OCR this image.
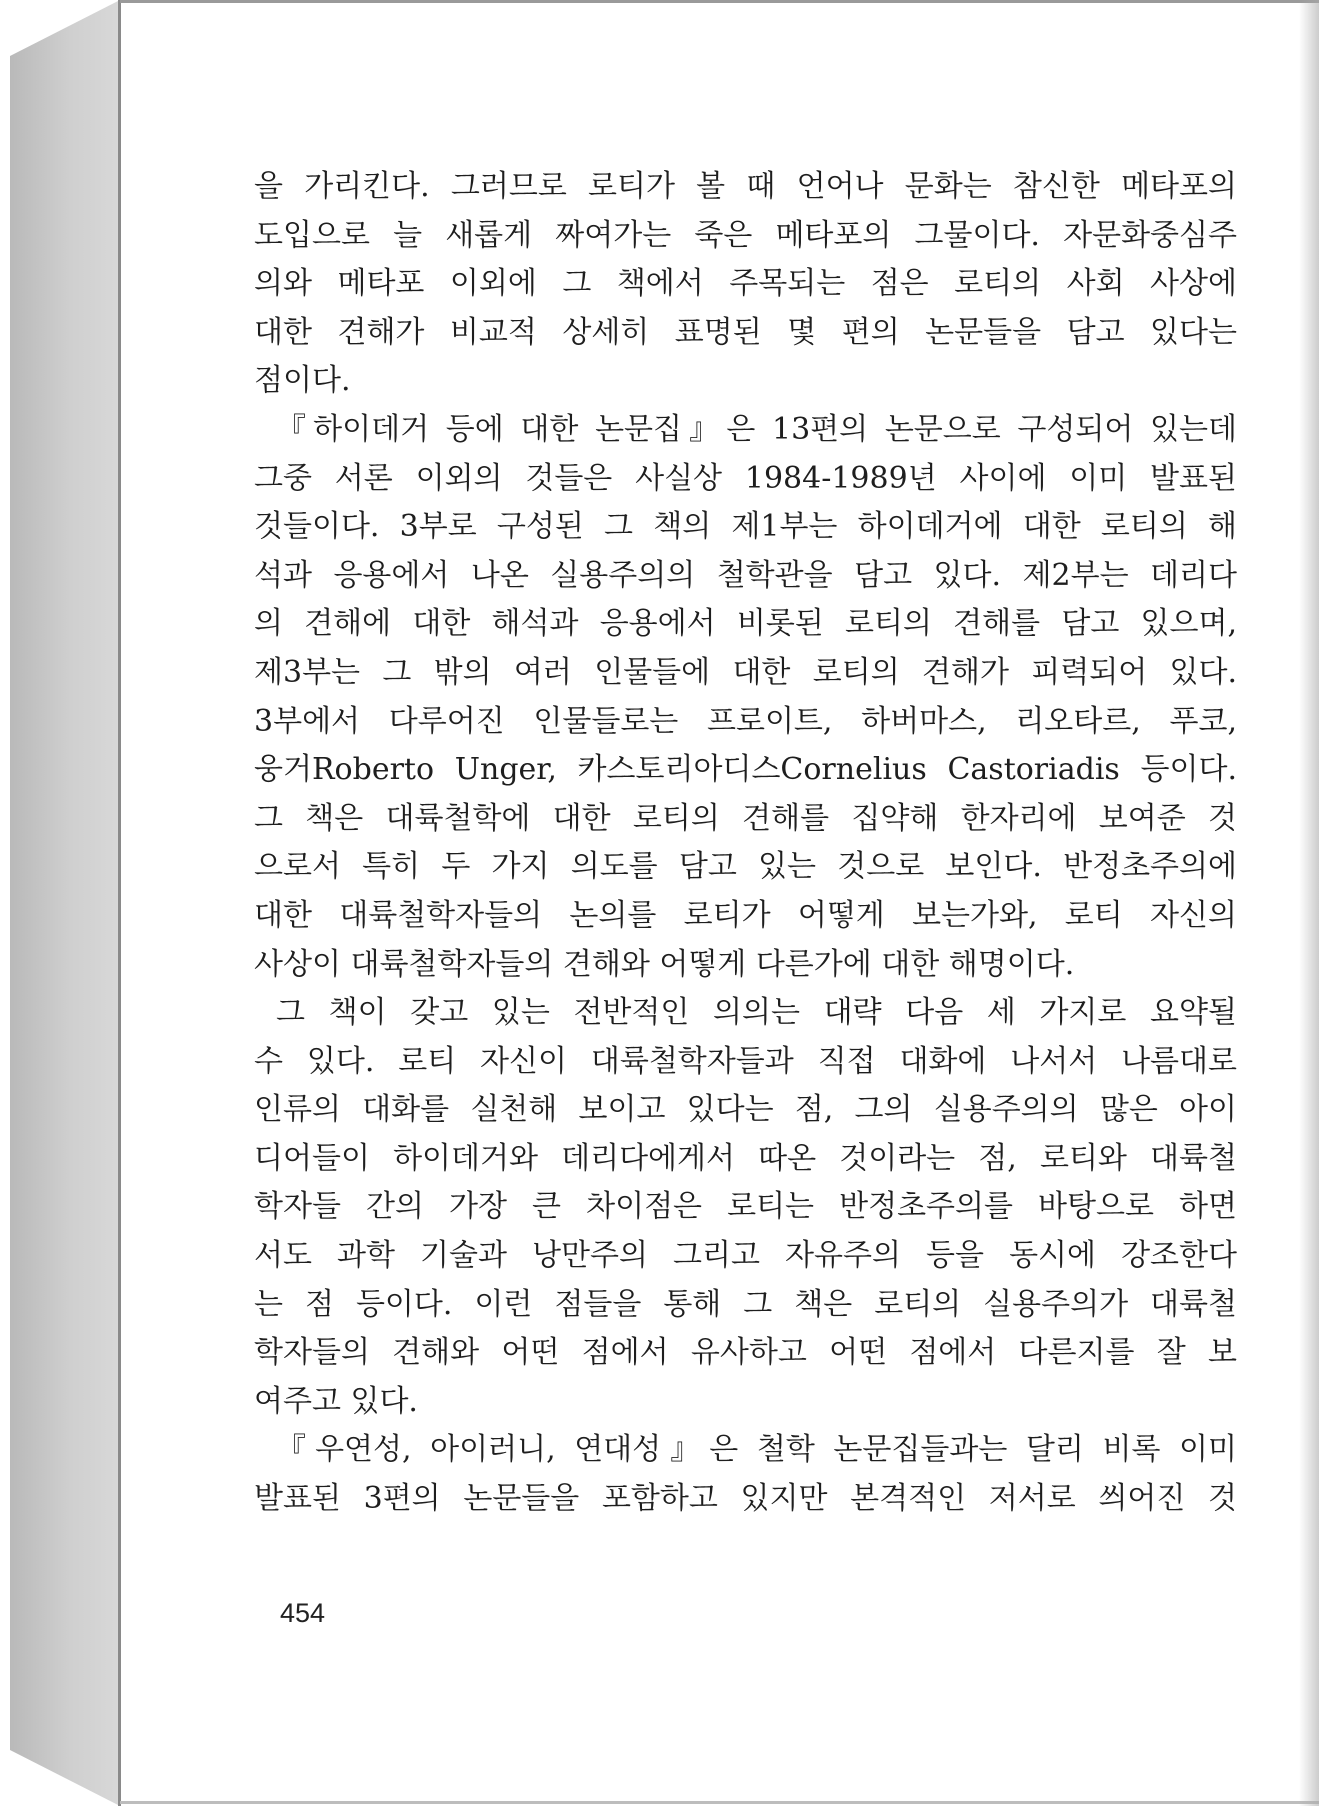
을 가리킨다. 그러므로 로티가 볼 때 언어나 문화는 참신한 메타포의
도입으로 늘 새롭게 짜여가는 죽은 메타포의 그물이다. 자문화중심주
의와 메타포 이외에 그 책에서 주목되는 점은 로티의 사회 사상에
대한 견해가 비교적 상세히 표명된 몇 편의 논문들을 담고 있다는
점이다.
『하이데거 등에 대한 논문집』은 13편의 논문으로 구성되어 있는데
그중 서론 이외의 것들은 사실상 1984-1989년 사이에 이미 발표된
것들이다. 3부로 구성된 그 책의 제1부는 하이데거에 대한 로티의 해
석과 응용에서 나온 실용주의의 철학관을 담고 있다. 제2부는 데리다
의 견해에 대한 해석과 응용에서 비롯된 로티의 견해를 담고 있으며,
제3부는 그 밖의 여러 인물들에 대한 로티의 견해가 피력되어 있다.
3부에서 다루어진 인물들로는 프로이트, 하버마스, 리오타르, 푸코,
웅거Roberto Unger, 카스토리아디스Cornelius Castoriadis 등이다.
그 책은 대륙철학에 대한 로티의 견해를 집약해 한자리에 보여준 것
으로서 특히 두 가지 의도를 담고 있는 것으로 보인다. 반정초주의에
대한 대륙철학자들의 논의를 로티가 어떻게 보는가와, 로티 자신의
사상이 대륙철학자들의 견해와 어떻게 다른가에 대한 해명이다.
그 책이 갖고 있는 전반적인 의의는 대략 다음 세 가지로 요약될
수 있다. 로티 자신이 대륙철학자들과 직접 대화에 나서서 나름대로
인류의 대화를 실천해 보이고 있다는 점, 그의 실용주의의 많은 아이
디어들이 하이데거와 데리다에게서 따온 것이라는 점, 로티와 대륙철
학자들 간의 가장 큰 차이점은 로티는 반정초주의를 바탕으로 하면
서도 과학 기술과 낭만주의 그리고 자유주의 등을 동시에 강조한다
는 점 등이다. 이런 점들을 통해 그 책은 로티의 실용주의가 대륙철
학자들의 견해와 어떤 점에서 유사하고 어떤 점에서 다른지를 잘 보
여주고 있다.
『우연성, 아이러니, 연대성』은 철학 논문집들과는 달리 비록 이미
발표된 3편의 논문들을 포함하고 있지만 본격적인 저서로 씌어진 것
454
